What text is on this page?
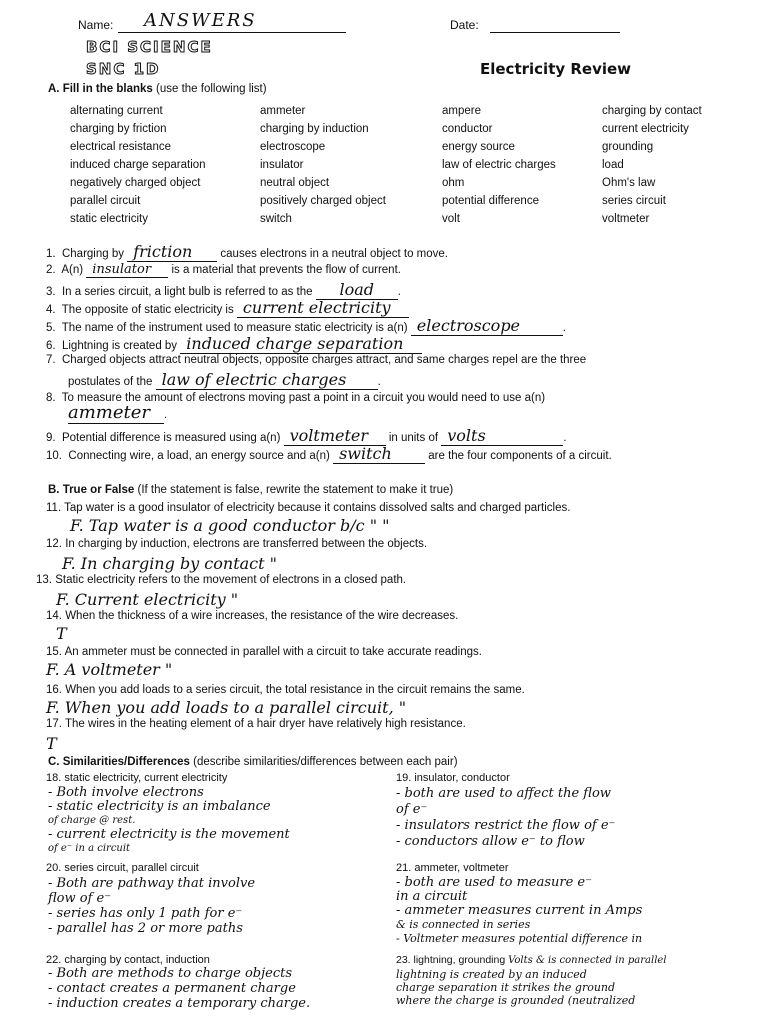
Name:	ANSWERS	Date:
BCI SCIENCE
SNC 1D	Electricity Review
A. Fill in the blanks (use the following list)
alternating current	ammeter	ampere	charging by contact
charging by friction	charging by induction	conductor	current electricity
electrical resistance	electroscope	energy source	grounding
induced charge separation	insulator	law of electric charges	load
negatively charged object	neutral object	ohm	Ohm's law
parallel circuit	positively charged object	potential difference	series circuit
static electricity	switch	volt	voltmeter
1. Charging by friction causes electrons in a neutral object to move.
2. A(n) insulator is a material that prevents the flow of current.
3. In a series circuit, a light bulb is referred to as the load .
4. The opposite of static electricity is current electricity
5. The name of the instrument used to measure static electricity is a(n) electroscope	.
6. Lightning is created by induced charge separation
7. Charged objects attract neutral objects, opposite charges attract, and same charges repel are the three
postulates of the law of electric charges	.
8. To measure the amount of electrons moving past a point in a circuit you would need to use a(n)
ammeter .
9. Potential difference is measured using a(n) voltmeter in units of volts	.
10. Connecting wire, a load, an energy source and a(n) switch	are the four components of a circuit.
B. True or False (If the statement is false, rewrite the statement to make it true)
11. Tap water is a good insulator of electricity because it contains dissolved salts and charged particles.
F. Tap water is a good conductor b/c " "
12. In charging by induction, electrons are transferred between the objects.
F. In charging by contact "
13. Static electricity refers to the movement of electrons in a closed path.
F. Current electricity "
14. When the thickness of a wire increases, the resistance of the wire decreases.
T
15. An ammeter must be connected in parallel with a circuit to take accurate readings.
F. A voltmeter "
16. When you add loads to a series circuit, the total resistance in the circuit remains the same.
F. When you add loads to a parallel circuit, "
17. The wires in the heating element of a hair dryer have relatively high resistance.
T
C. Similarities/Differences (describe similarities/differences between each pair)
18. static electricity, current electricity
- Both involve electrons
- static electricity is an imbalance
of charge @ rest.
- current electricity is the movement
of e⁻ in a circuit
20. series circuit, parallel circuit
- Both are pathway that involve
flow of e⁻
- series has only 1 path for e⁻
- parallel has 2 or more paths
22. charging by contact, induction
- Both are methods to charge objects
- contact creates a permanent charge
- induction creates a temporary charge.
19. insulator, conductor
- both are used to affect the flow
of e⁻
- insulators restrict the flow of e⁻
- conductors allow e⁻ to flow
21. ammeter, voltmeter
- both are used to measure e⁻
in a circuit
- ammeter measures current in Amps
& is connected in series
- Voltmeter measures potential difference in
23. lightning, grounding Volts & is connected in parallel
lightning is created by an induced
charge separation it strikes the ground
where the charge is grounded (neutralized
